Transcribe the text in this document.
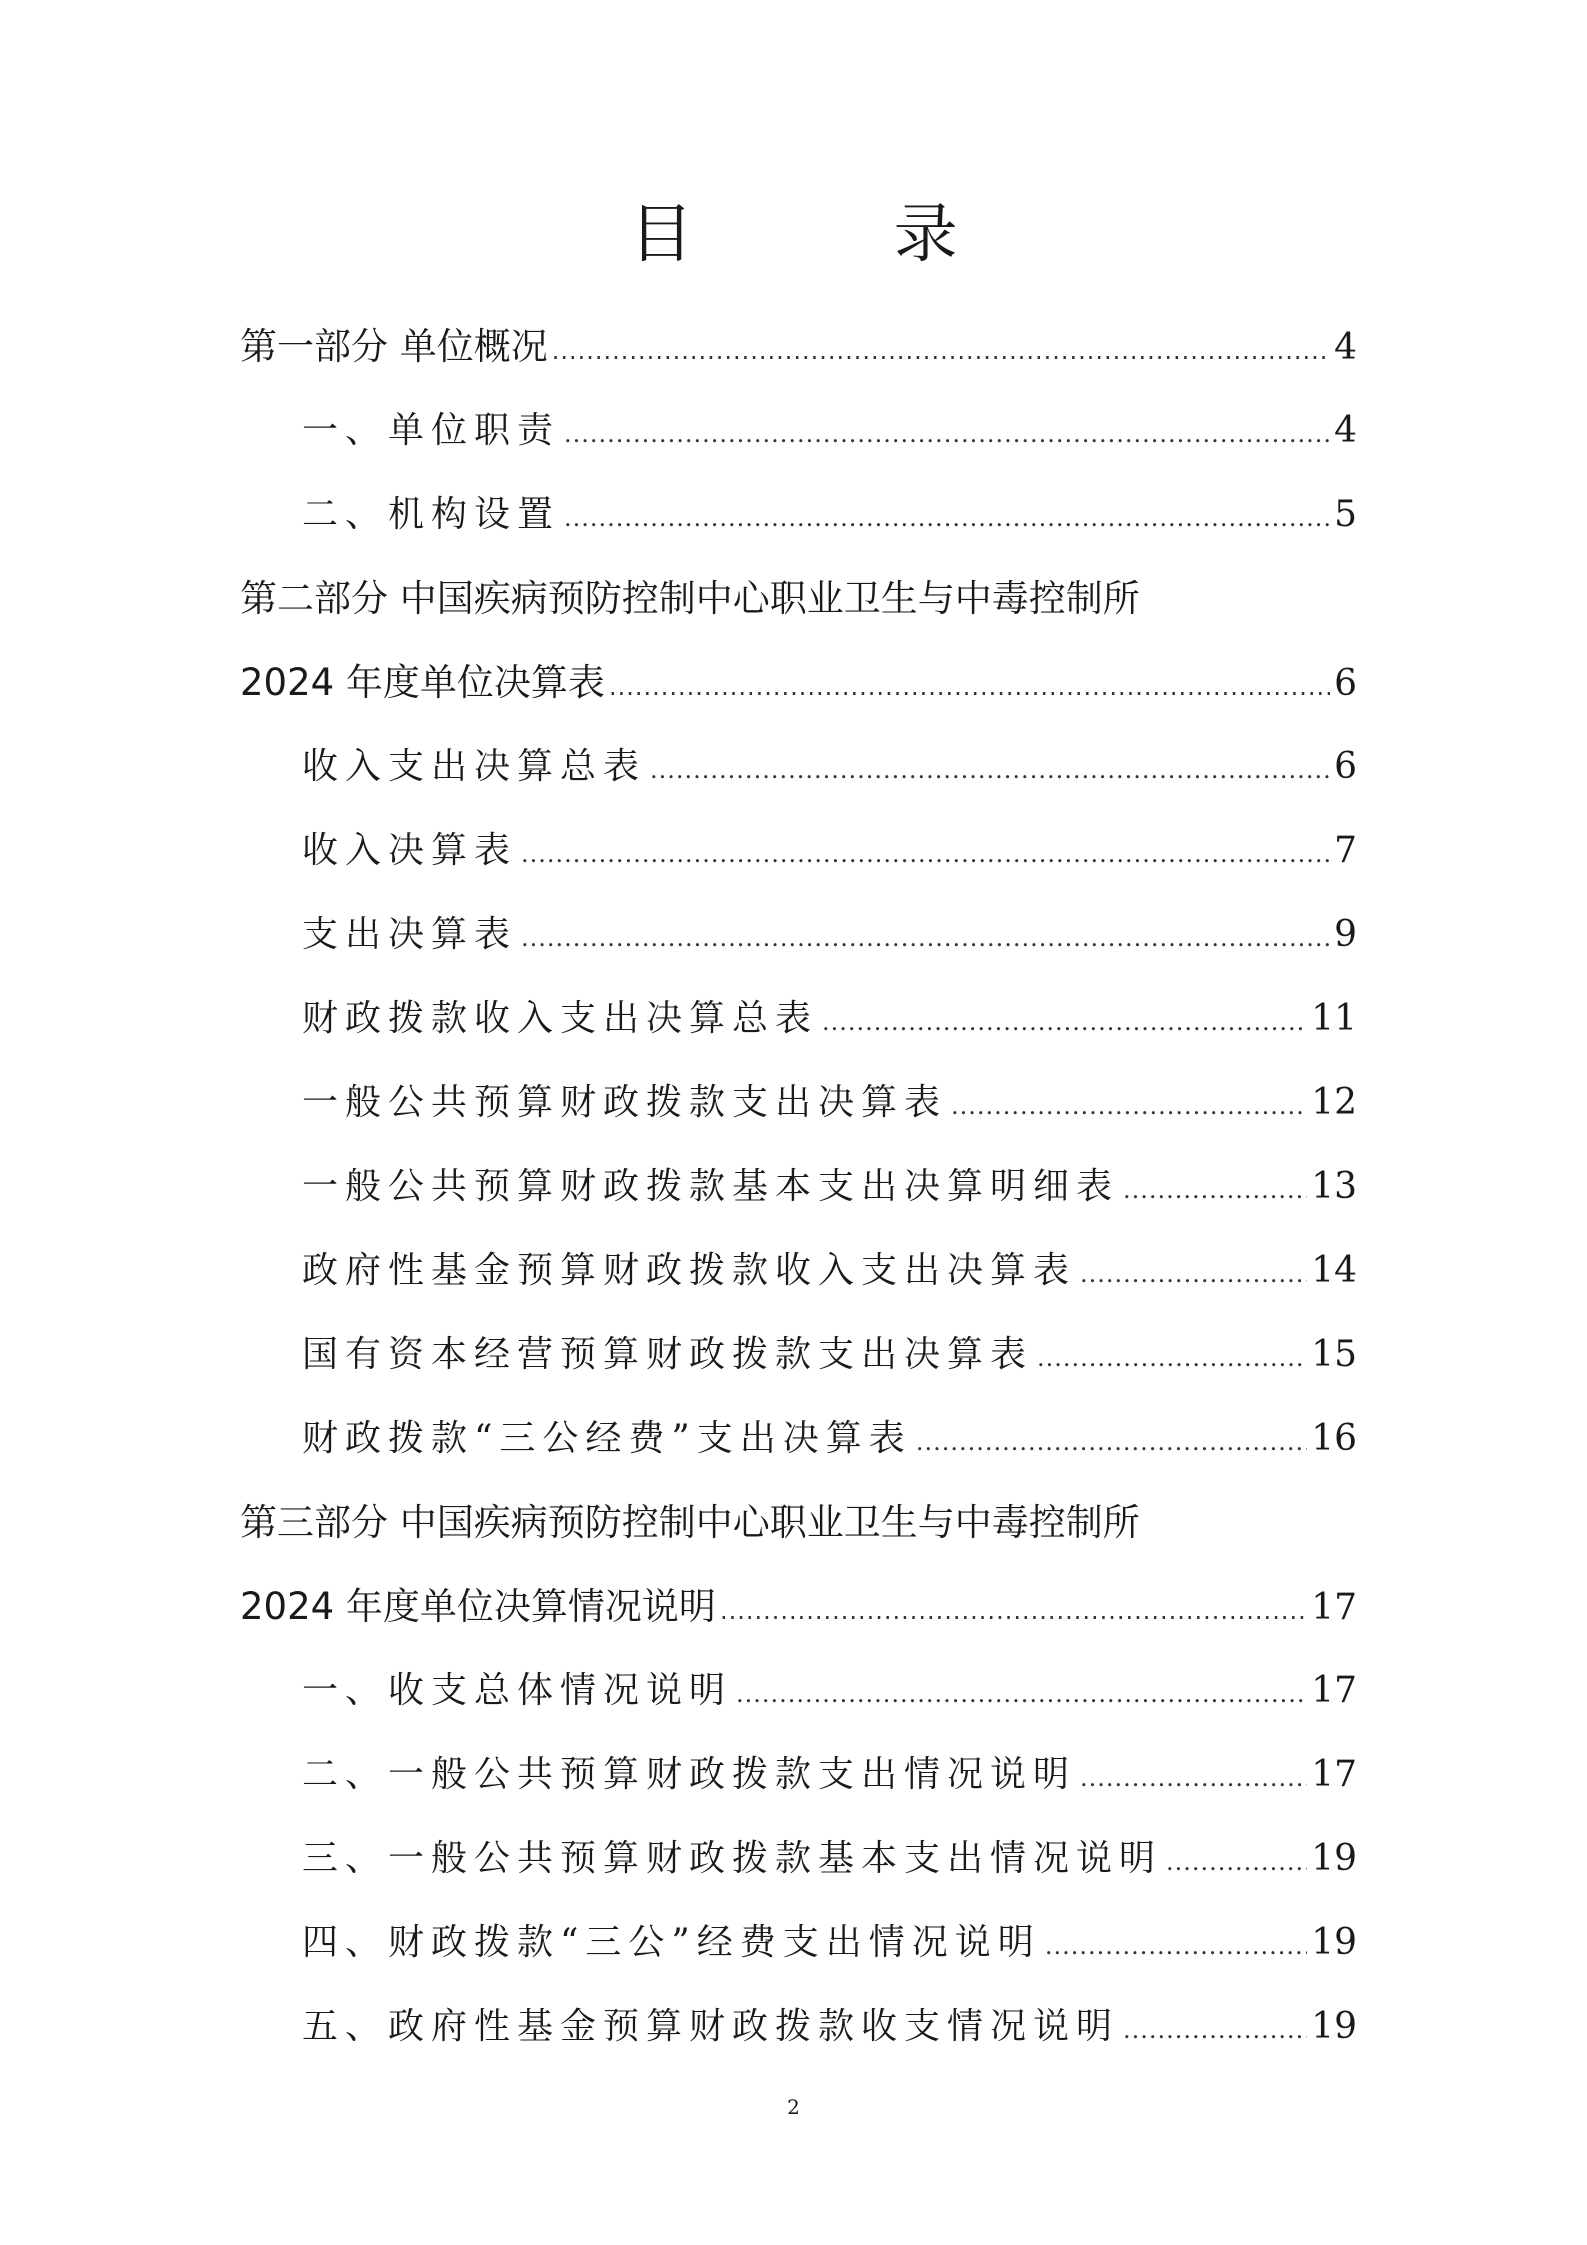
目 录
第一部分 单位概况 .....	4
一、单位职责 .....	4
二、机构设置 .....	5
第二部分 中国疾病预防控制中心职业卫生与中毒控制所
2024 年度单位决算表 .....	6
收入支出决算总表 .....	6
收入决算表 .....	7
支出决算表 .....	9
财政拨款收入支出决算总表 .....	11
一般公共预算财政拨款支出决算表 .....	12
一般公共预算财政拨款基本支出决算明细表 .....	13
政府性基金预算财政拨款收入支出决算表 .....	14
国有资本经营预算财政拨款支出决算表 .....	15
财政拨款“三公经费”支出决算表 .....	16
第三部分 中国疾病预防控制中心职业卫生与中毒控制所
2024 年度单位决算情况说明 .....	17
一、收支总体情况说明 .....	17
二、一般公共预算财政拨款支出情况说明 .....	17
三、一般公共预算财政拨款基本支出情况说明 .....	19
四、财政拨款“三公”经费支出情况说明 .....	19
五、政府性基金预算财政拨款收支情况说明 .....	19
2
